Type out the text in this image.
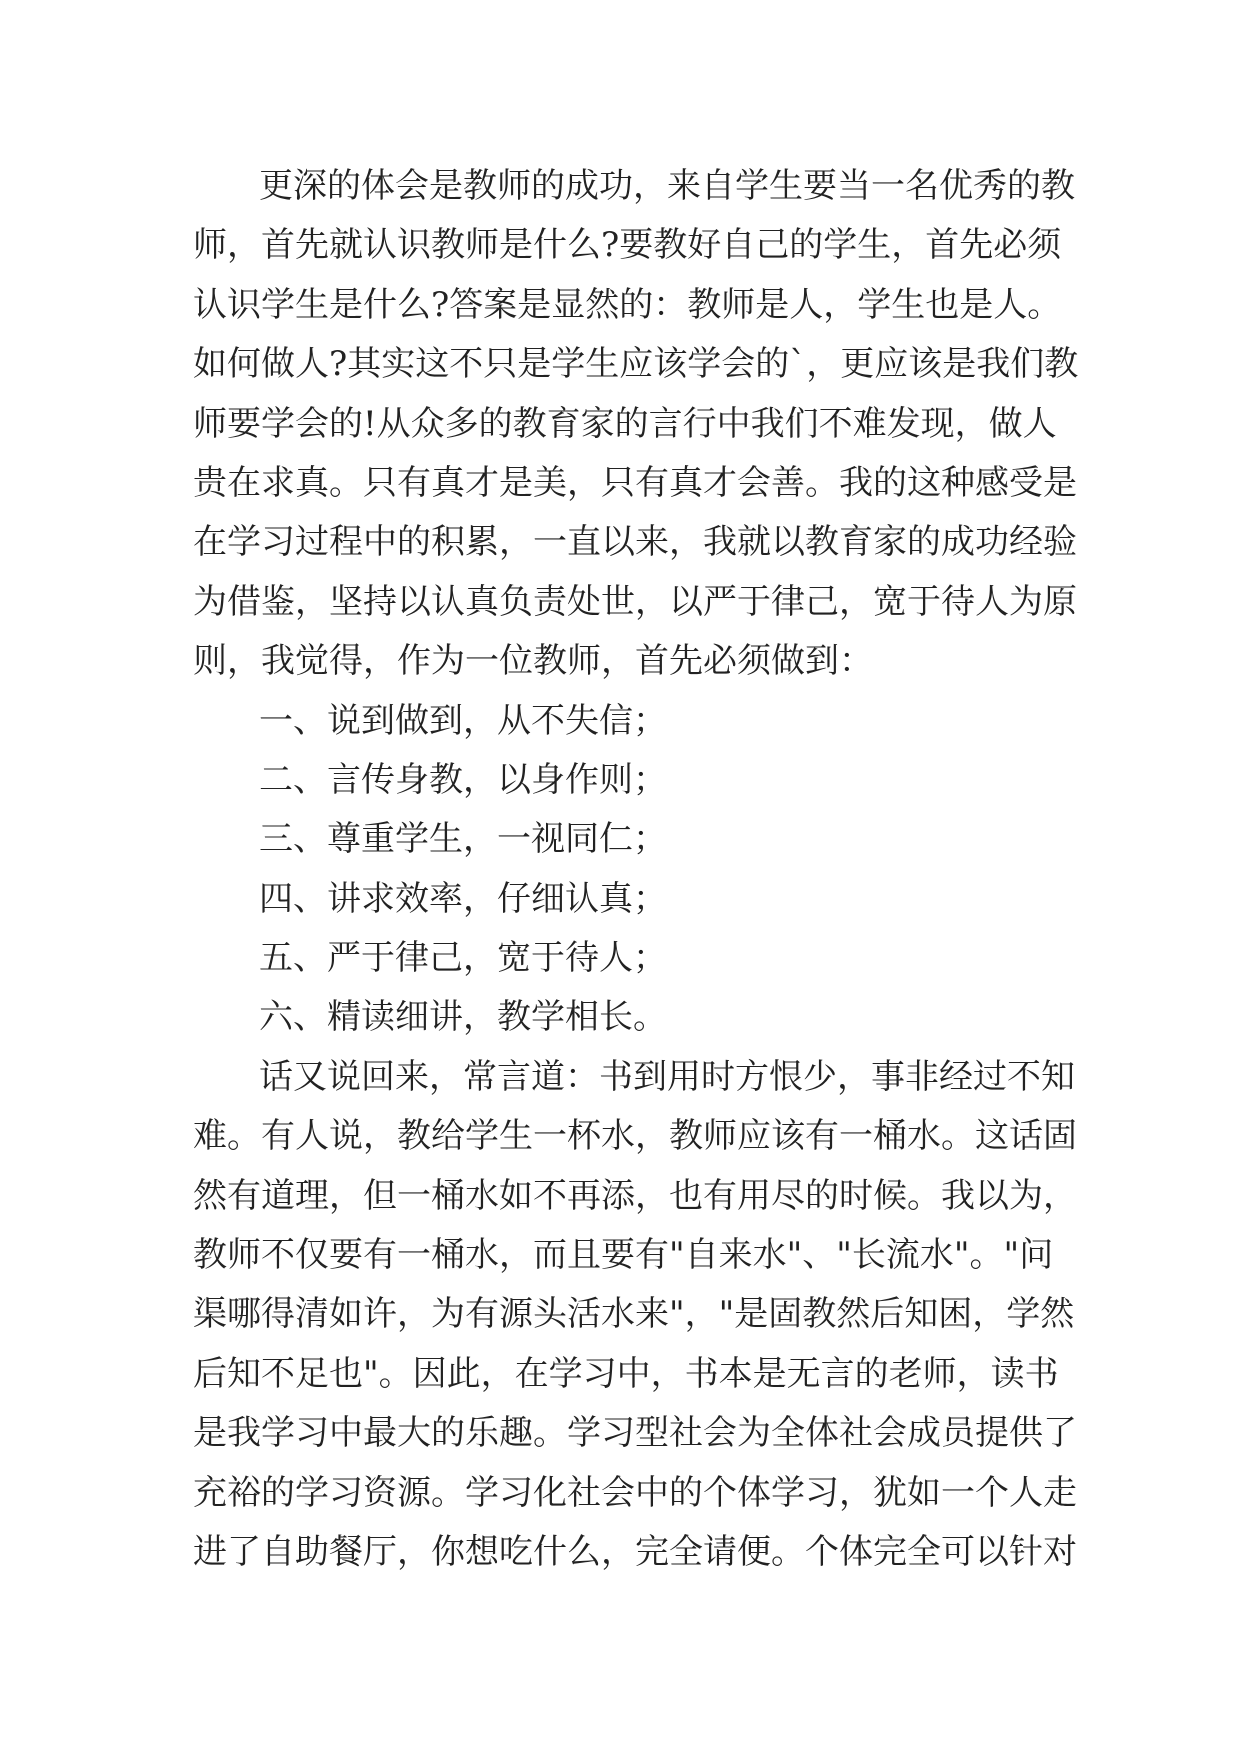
更深的体会是教师的成功，来自学生要当一名优秀的教
师，首先就认识教师是什么?要教好自己的学生，首先必须
认识学生是什么?答案是显然的：教师是人，学生也是人。
如何做人?其实这不只是学生应该学会的`，更应该是我们教
师要学会的!从众多的教育家的言行中我们不难发现，做人
贵在求真。只有真才是美，只有真才会善。我的这种感受是
在学习过程中的积累，一直以来，我就以教育家的成功经验
为借鉴，坚持以认真负责处世，以严于律己，宽于待人为原
则，我觉得，作为一位教师，首先必须做到：
一、说到做到，从不失信；
二、言传身教，以身作则；
三、尊重学生，一视同仁；
四、讲求效率，仔细认真；
五、严于律己，宽于待人；
六、精读细讲，教学相长。
话又说回来，常言道：书到用时方恨少，事非经过不知
难。有人说，教给学生一杯水，教师应该有一桶水。这话固
然有道理，但一桶水如不再添，也有用尽的时候。我以为，
教师不仅要有一桶水，而且要有"自来水"、"长流水"。"问
渠哪得清如许，为有源头活水来"，"是固教然后知困，学然
后知不足也"。因此，在学习中，书本是无言的老师，读书
是我学习中最大的乐趣。学习型社会为全体社会成员提供了
充裕的学习资源。学习化社会中的个体学习，犹如一个人走
进了自助餐厅，你想吃什么，完全请便。个体完全可以针对
